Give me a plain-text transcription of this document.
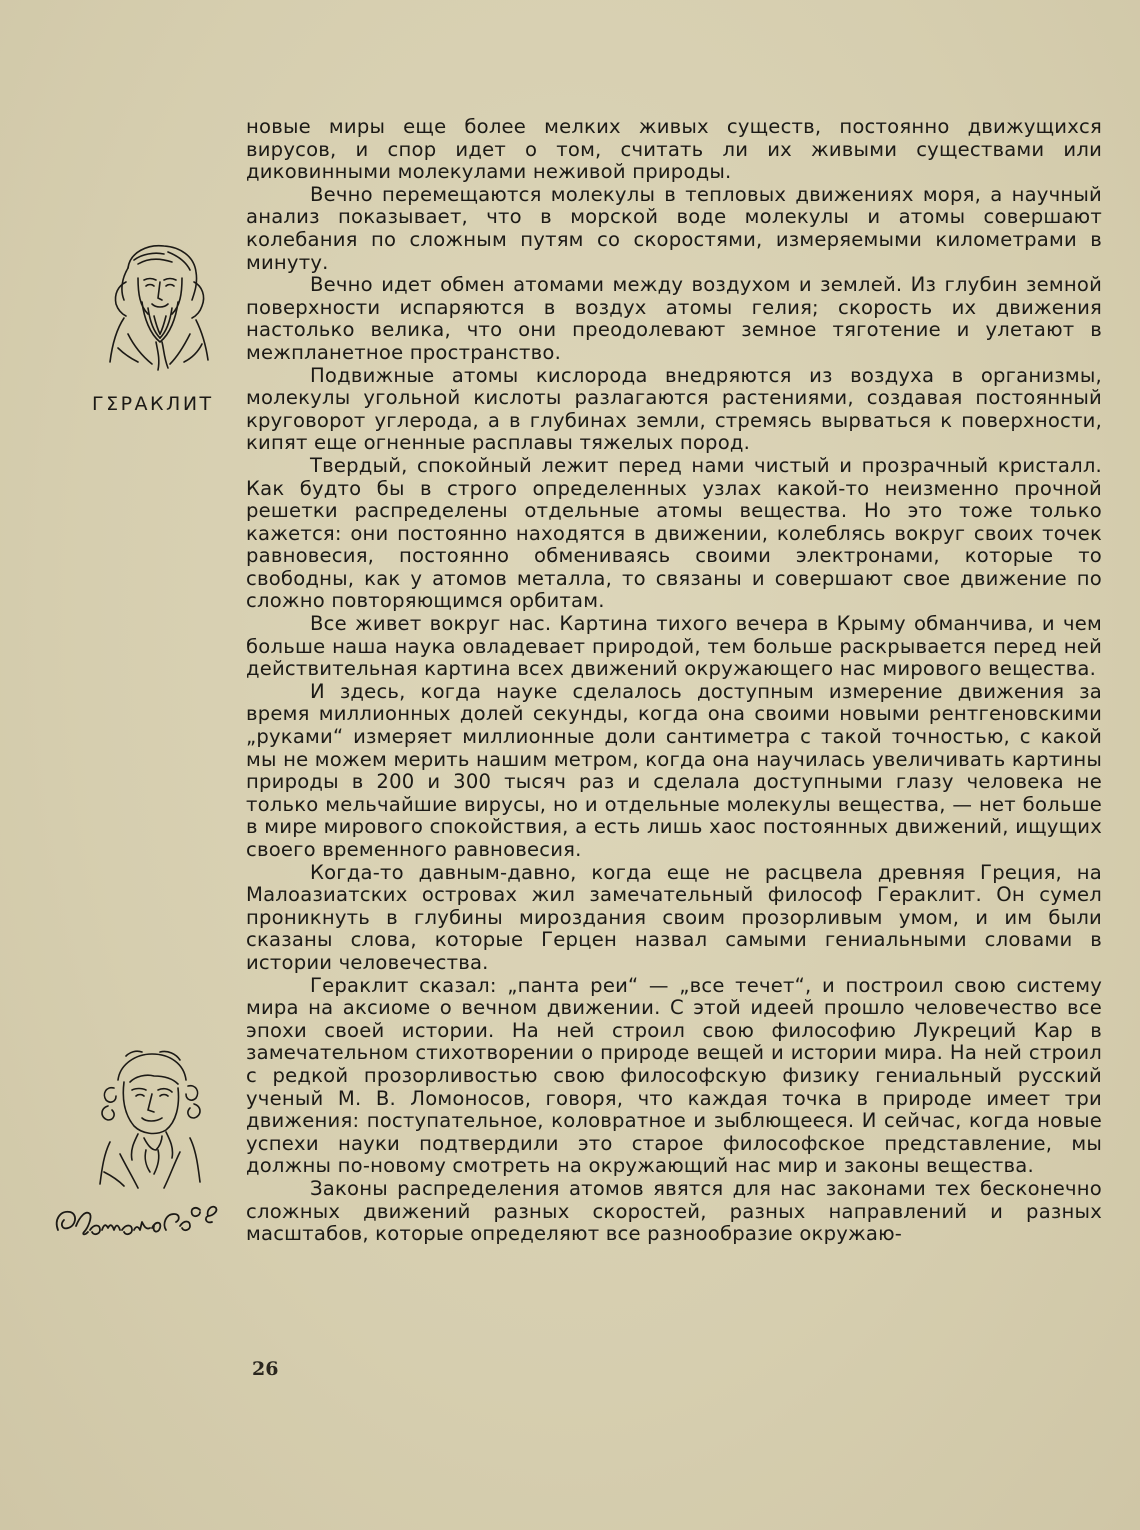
ГΣРАКЛИТ

новые миры еще более мелких живых существ, постоянно движущихся вирусов, и спор идет о том, считать ли их живыми существами или диковинными молекулами неживой природы.

Вечно перемещаются молекулы в тепловых движениях моря, а научный анализ показывает, что в морской воде молекулы и атомы совершают колебания по сложным путям со скоростями, измеряемыми километрами в минуту.

Вечно идет обмен атомами между воздухом и землей. Из глубин земной поверхности испаряются в воздух атомы гелия; скорость их движения настолько велика, что они преодолевают земное тяготение и улетают в межпланетное пространство.

Подвижные атомы кислорода внедряются из воздуха в организмы, молекулы угольной кислоты разлагаются растениями, создавая постоянный круговорот углерода, а в глубинах земли, стремясь вырваться к поверхности, кипят еще огненные расплавы тяжелых пород.

Твердый, спокойный лежит перед нами чистый и прозрачный кристалл. Как будто бы в строго определенных узлах какой-то неизменно прочной решетки распределены отдельные атомы вещества. Но это тоже только кажется: они постоянно находятся в движении, колеблясь вокруг своих точек равновесия, постоянно обмениваясь своими электронами, которые то свободны, как у атомов металла, то связаны и совершают свое движение по сложно повторяющимся орбитам.

Все живет вокруг нас. Картина тихого вечера в Крыму обманчива, и чем больше наша наука овладевает природой, тем больше раскрывается перед ней действительная картина всех движений окружающего нас мирового вещества.

И здесь, когда науке сделалось доступным измерение движения за время миллионных долей секунды, когда она своими новыми рентгеновскими „руками“ измеряет миллионные доли сантиметра с такой точностью, с какой мы не можем мерить нашим метром, когда она научилась увеличивать картины природы в 200 и 300 тысяч раз и сделала доступными глазу человека не только мельчайшие вирусы, но и отдельные молекулы вещества, — нет больше в мире мирового спокойствия, а есть лишь хаос постоянных движений, ищущих своего временного равновесия.

Когда-то давным-давно, когда еще не расцвела древняя Греция, на Малоазиатских островах жил замечательный философ Гераклит. Он сумел проникнуть в глубины мироздания своим прозорливым умом, и им были сказаны слова, которые Герцен назвал самыми гениальными словами в истории человечества.

Гераклит сказал: „панта реи“ — „все течет“, и построил свою систему мира на аксиоме о вечном движении. С этой идеей прошло человечество все эпохи своей истории. На ней строил свою философию Лукреций Кар в замечательном стихотворении о природе вещей и истории мира. На ней строил с редкой прозорливостью свою философскую физику гениальный русский ученый М. В. Ломоносов, говоря, что каждая точка в природе имеет три движения: поступательное, коловратное и зыблющееся. И сейчас, когда новые успехи науки подтвердили это старое философское представление, мы должны по-новому смотреть на окружающий нас мир и законы вещества.

Законы распределения атомов явятся для нас законами тех бесконечно сложных движений разных скоростей, разных направлений и разных масштабов, которые определяют все разнообразие окружаю-

26
